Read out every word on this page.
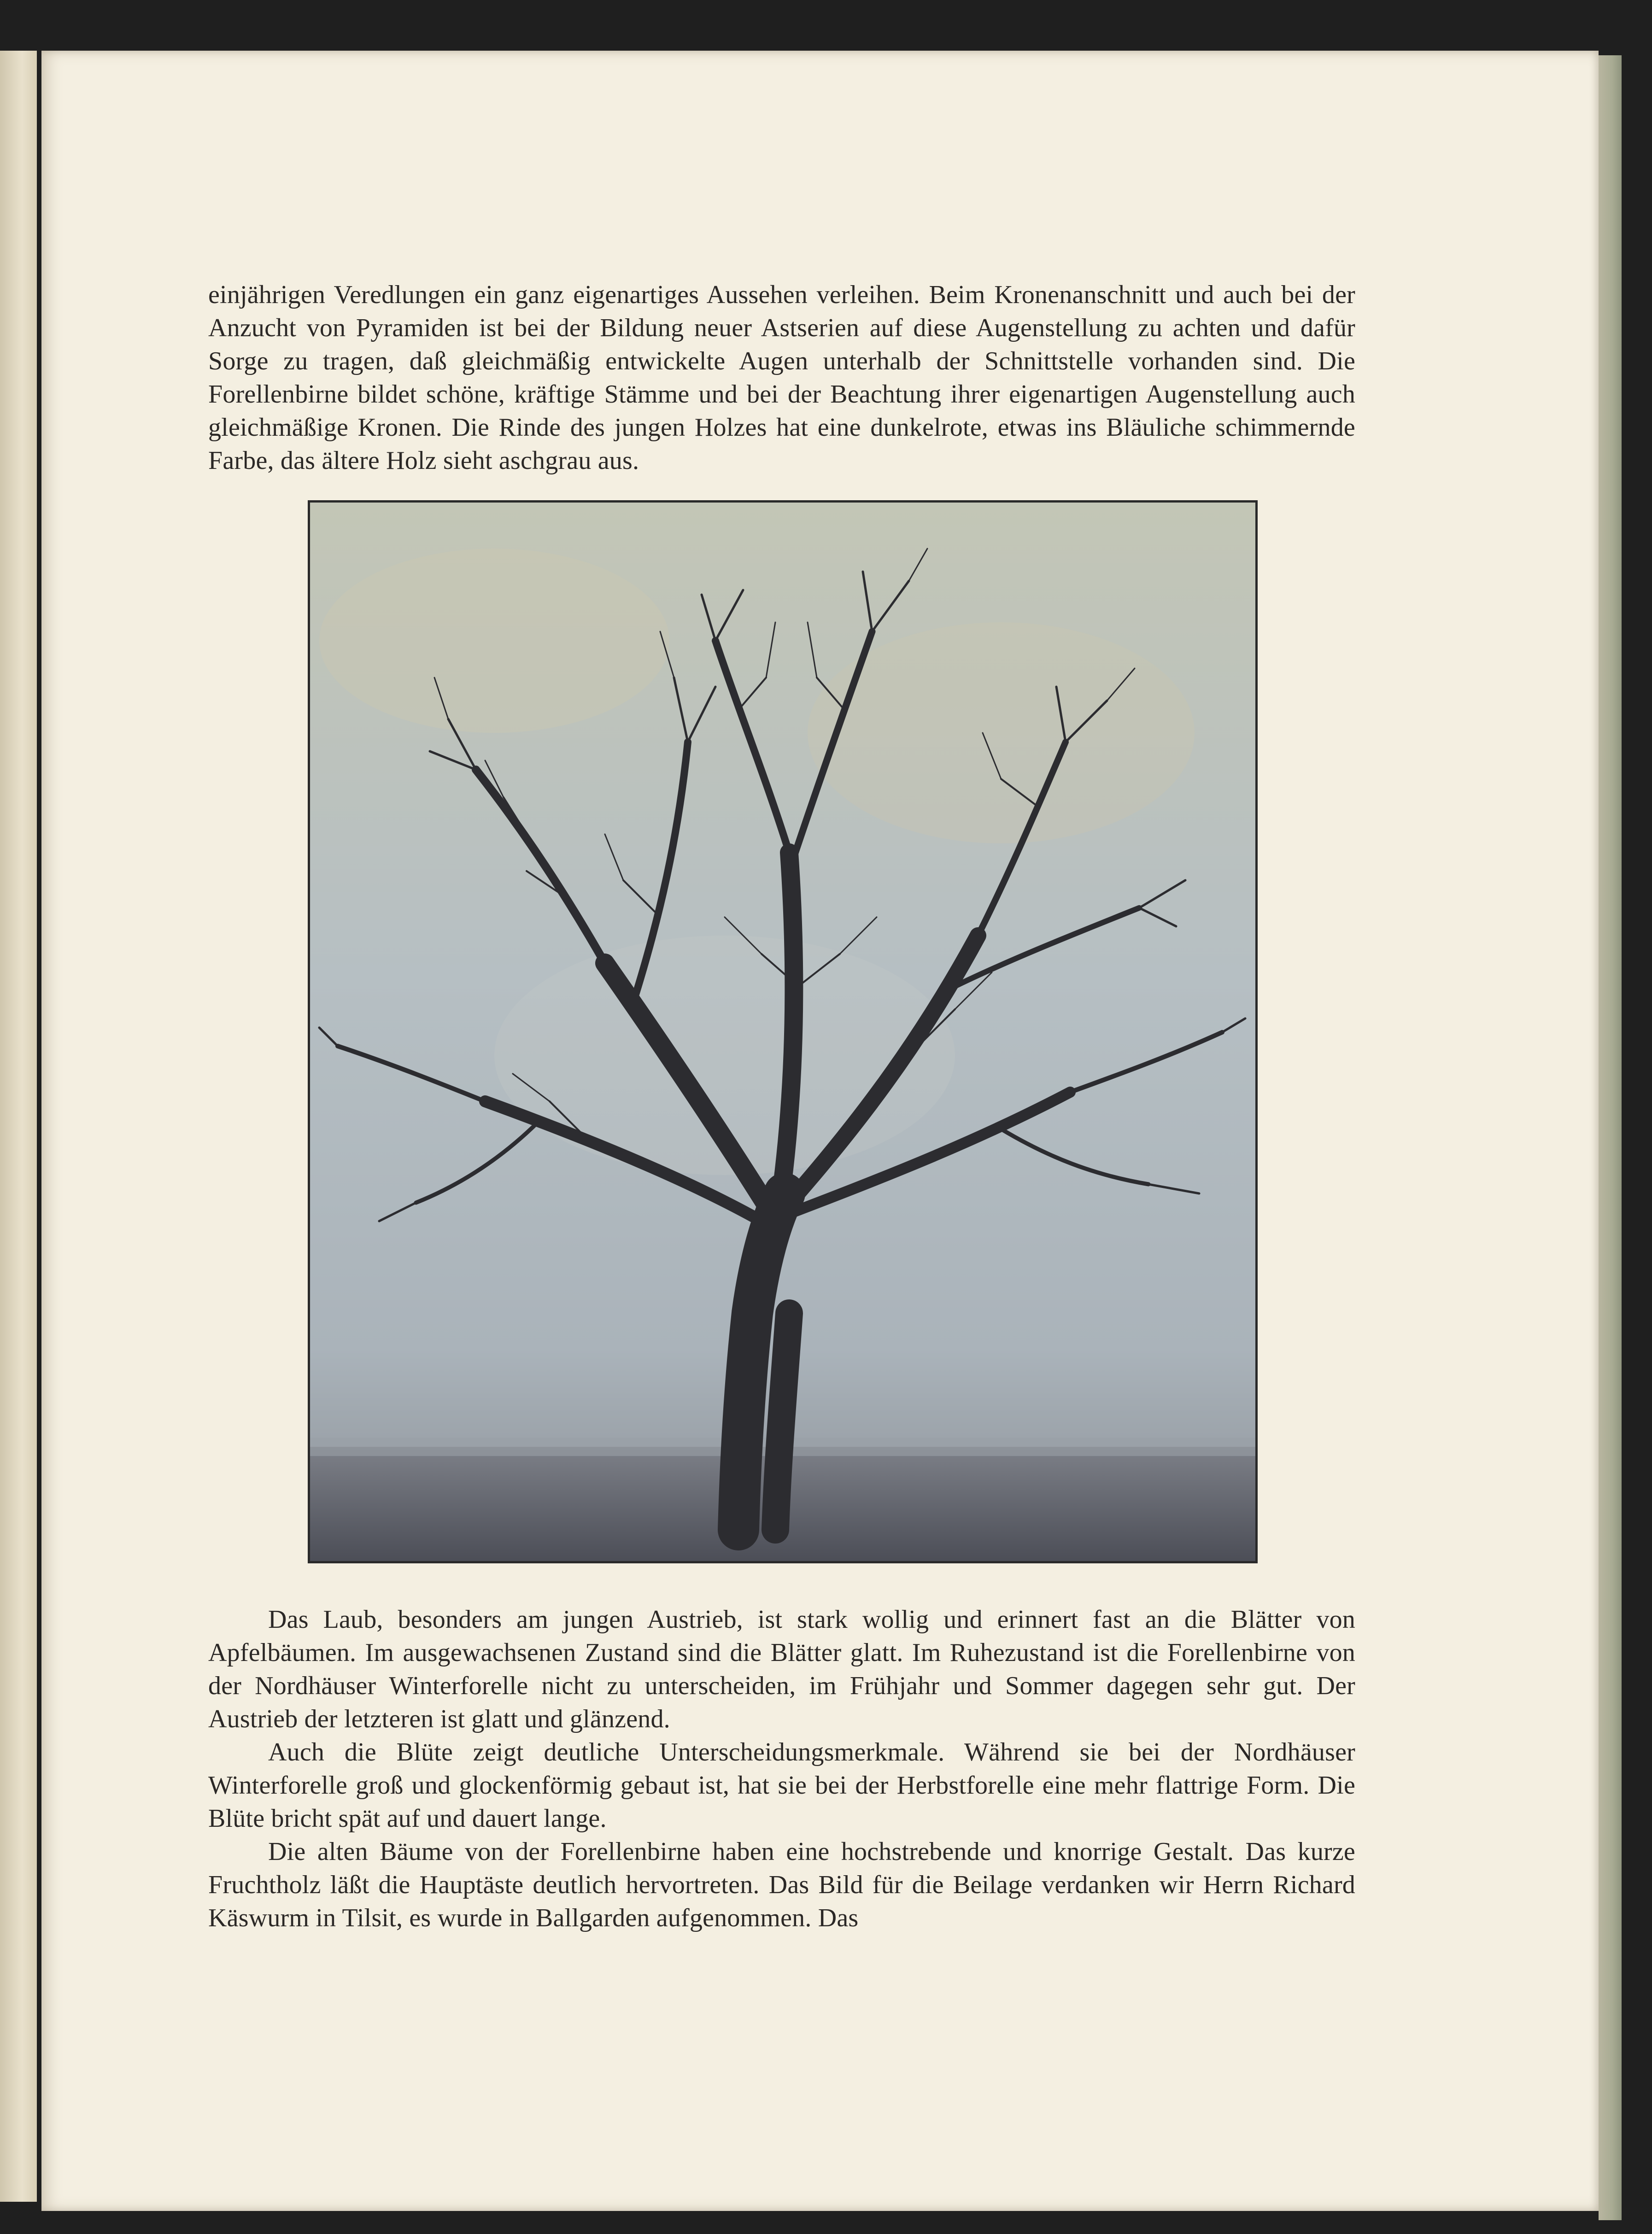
einjährigen Veredlungen ein ganz eigenartiges Aussehen verleihen. Beim Kronenanschnitt und auch bei der Anzucht von Pyramiden ist bei der Bildung neuer Astserien auf diese Augenstellung zu achten und dafür Sorge zu tragen, daß gleichmäßig entwickelte Augen unterhalb der Schnittstelle vorhanden sind. Die Forellenbirne bildet schöne, kräftige Stämme und bei der Beachtung ihrer eigenartigen Augenstellung auch gleichmäßige Kronen. Die Rinde des jungen Holzes hat eine dunkelrote, etwas ins Bläuliche schimmernde Farbe, das ältere Holz sieht aschgrau aus.

Das Laub, besonders am jungen Austrieb, ist stark wollig und erinnert fast an die Blätter von Apfelbäumen. Im ausgewachsenen Zustand sind die Blätter glatt. Im Ruhezustand ist die Forellenbirne von der Nordhäuser Winterforelle nicht zu unterscheiden, im Frühjahr und Sommer dagegen sehr gut. Der Austrieb der letzteren ist glatt und glänzend.

Auch die Blüte zeigt deutliche Unterscheidungsmerkmale. Während sie bei der Nordhäuser Winterforelle groß und glockenförmig gebaut ist, hat sie bei der Herbstforelle eine mehr flattrige Form. Die Blüte bricht spät auf und dauert lange.

Die alten Bäume von der Forellenbirne haben eine hochstrebende und knorrige Gestalt. Das kurze Fruchtholz läßt die Hauptäste deutlich hervortreten. Das Bild für die Beilage verdanken wir Herrn Richard Käswurm in Tilsit, es wurde in Ballgarden aufgenommen. Das
